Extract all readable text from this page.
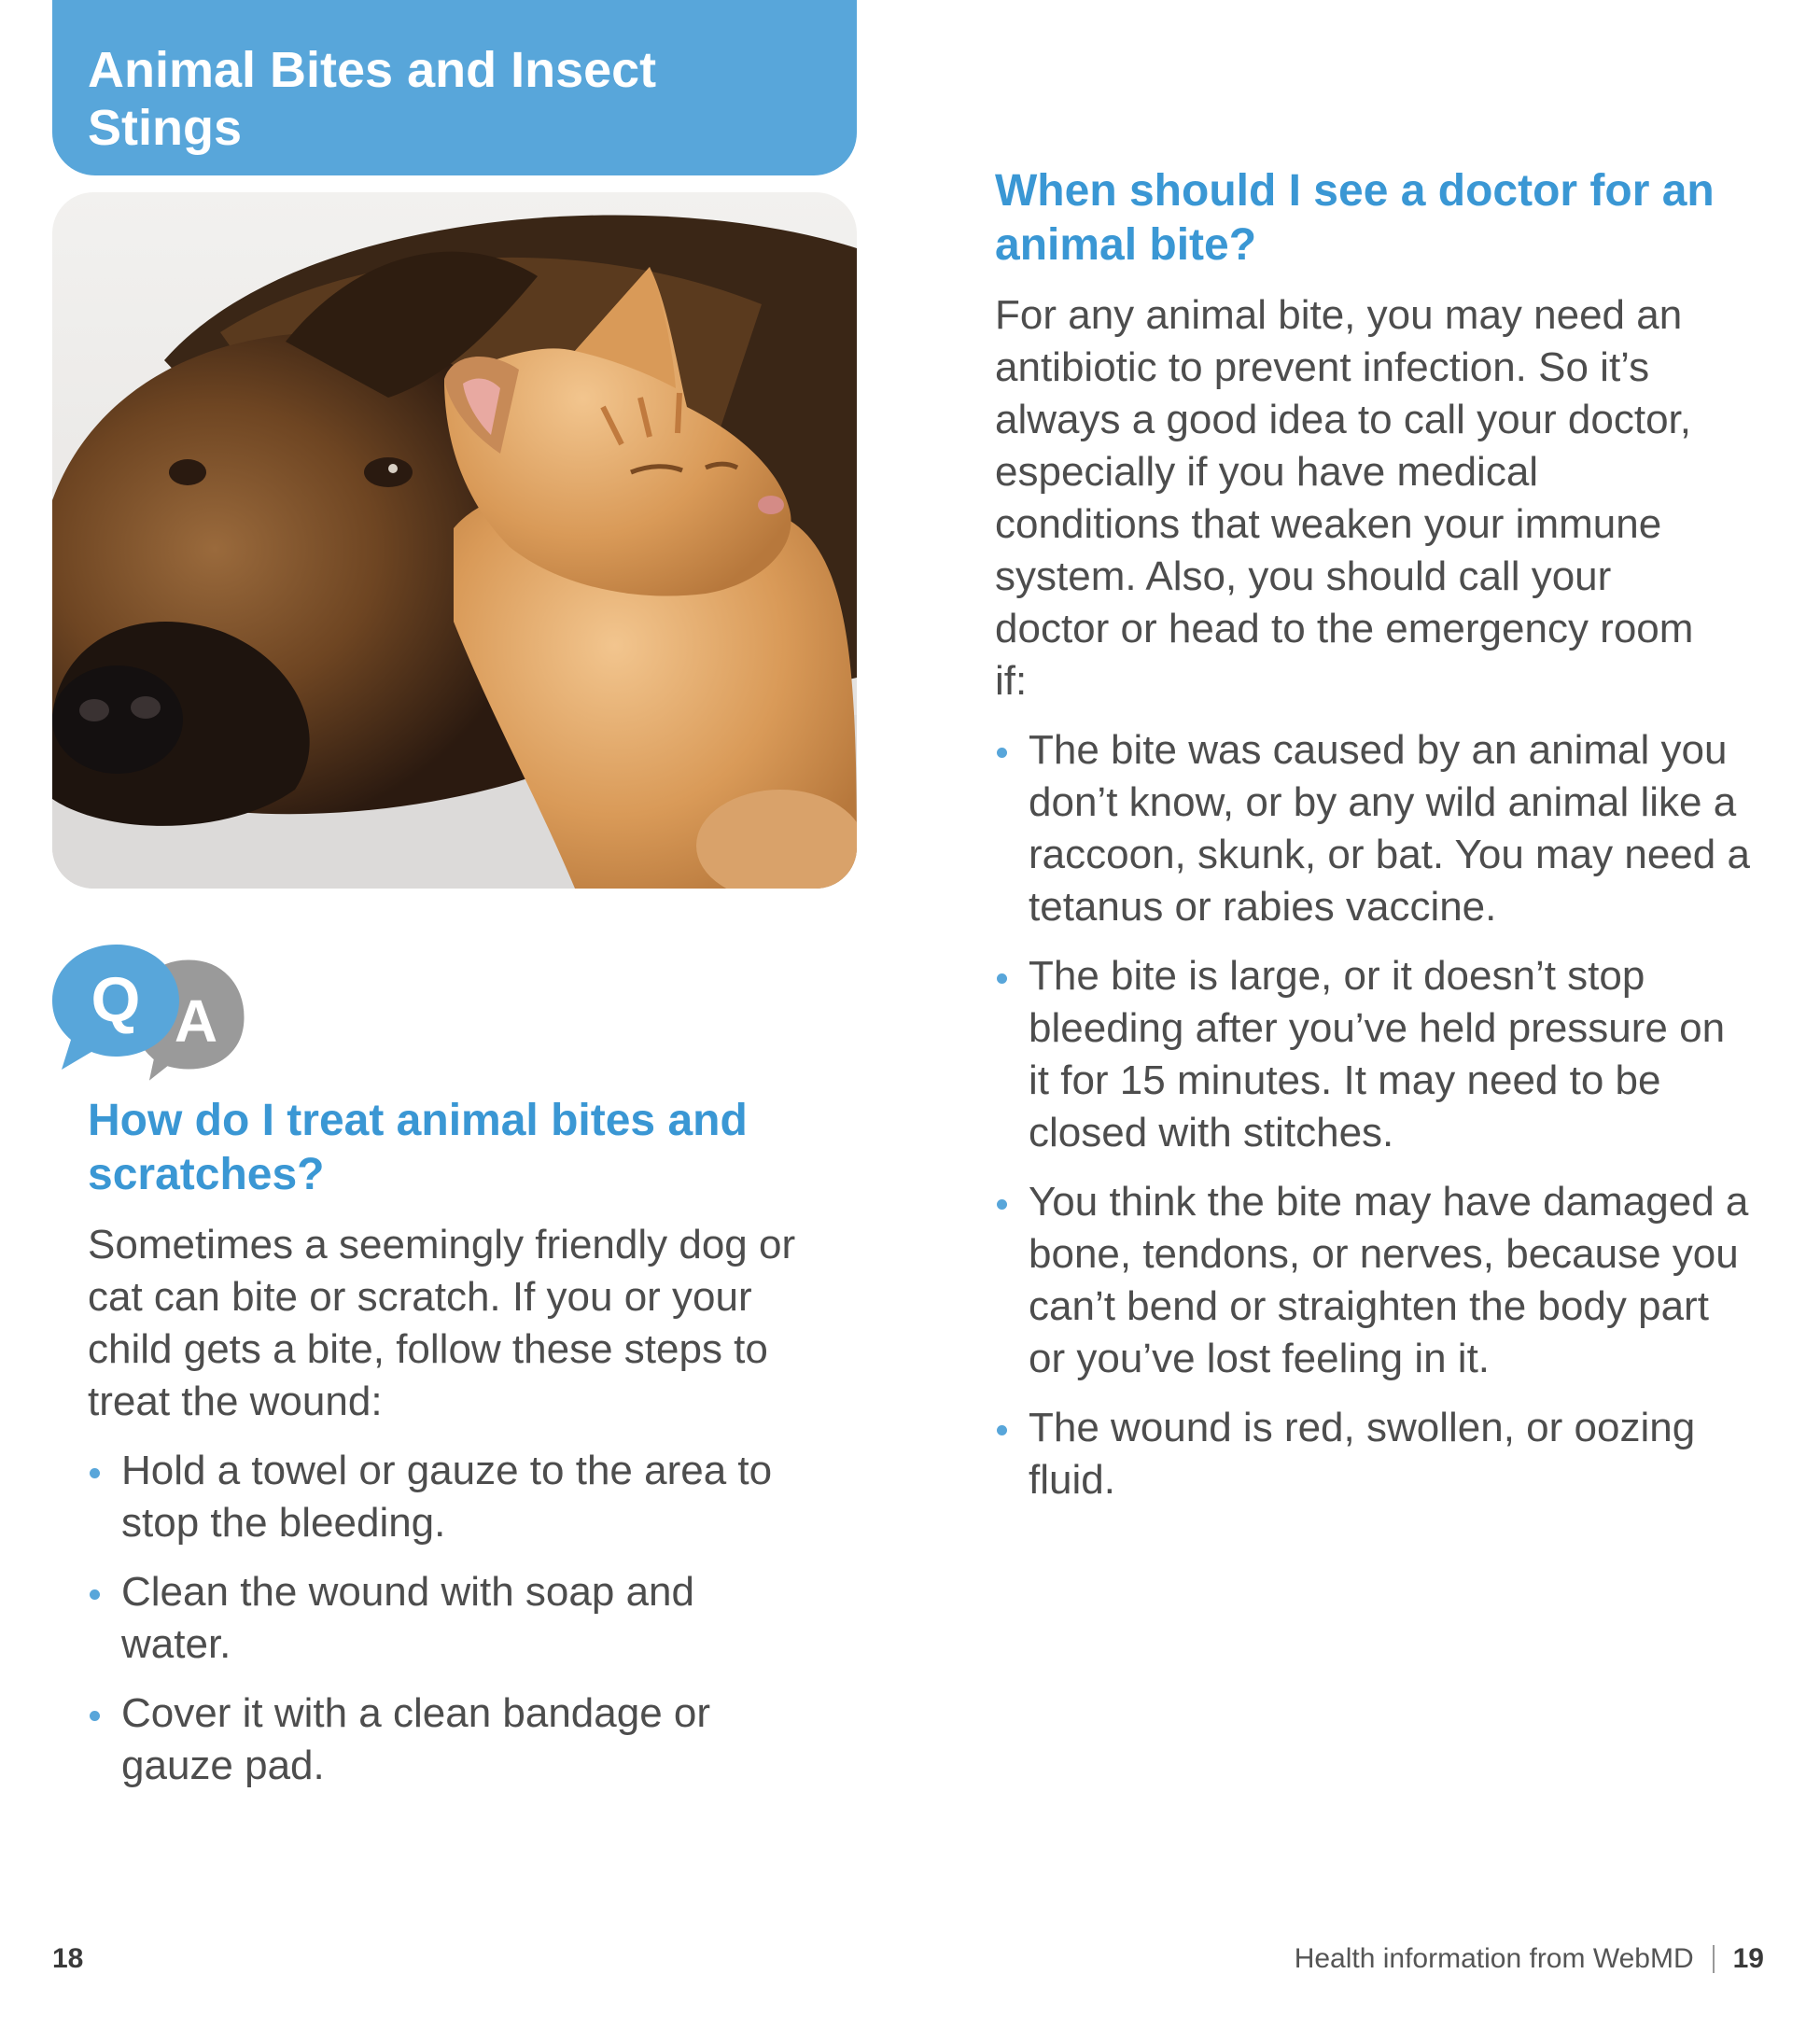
Animal Bites and Insect Stings
Q A
How do I treat animal bites and scratches?

Sometimes a seemingly friendly dog or cat can bite or scratch. If you or your child gets a bite, follow these steps to treat the wound:

Hold a towel or gauze to the area to stop the bleeding.
Clean the wound with soap and water.
Cover it with a clean bandage or gauze pad.
When should I see a doctor for an animal bite?

For any animal bite, you may need an antibiotic to prevent infection. So it’s always a good idea to call your doctor, especially if you have medical conditions that weaken your immune system. Also, you should call your doctor or head to the emergency room if:

The bite was caused by an animal you don’t know, or by any wild animal like a raccoon, skunk, or bat. You may need a tetanus or rabies vaccine.
The bite is large, or it doesn’t stop bleeding after you’ve held pressure on it for 15 minutes. It may need to be closed with stitches.
You think the bite may have damaged a bone, tendons, or nerves, because you can’t bend or straighten the body part or you’ve lost feeling in it.
The wound is red, swollen, or oozing fluid.
18	Health information from WebMD 19
